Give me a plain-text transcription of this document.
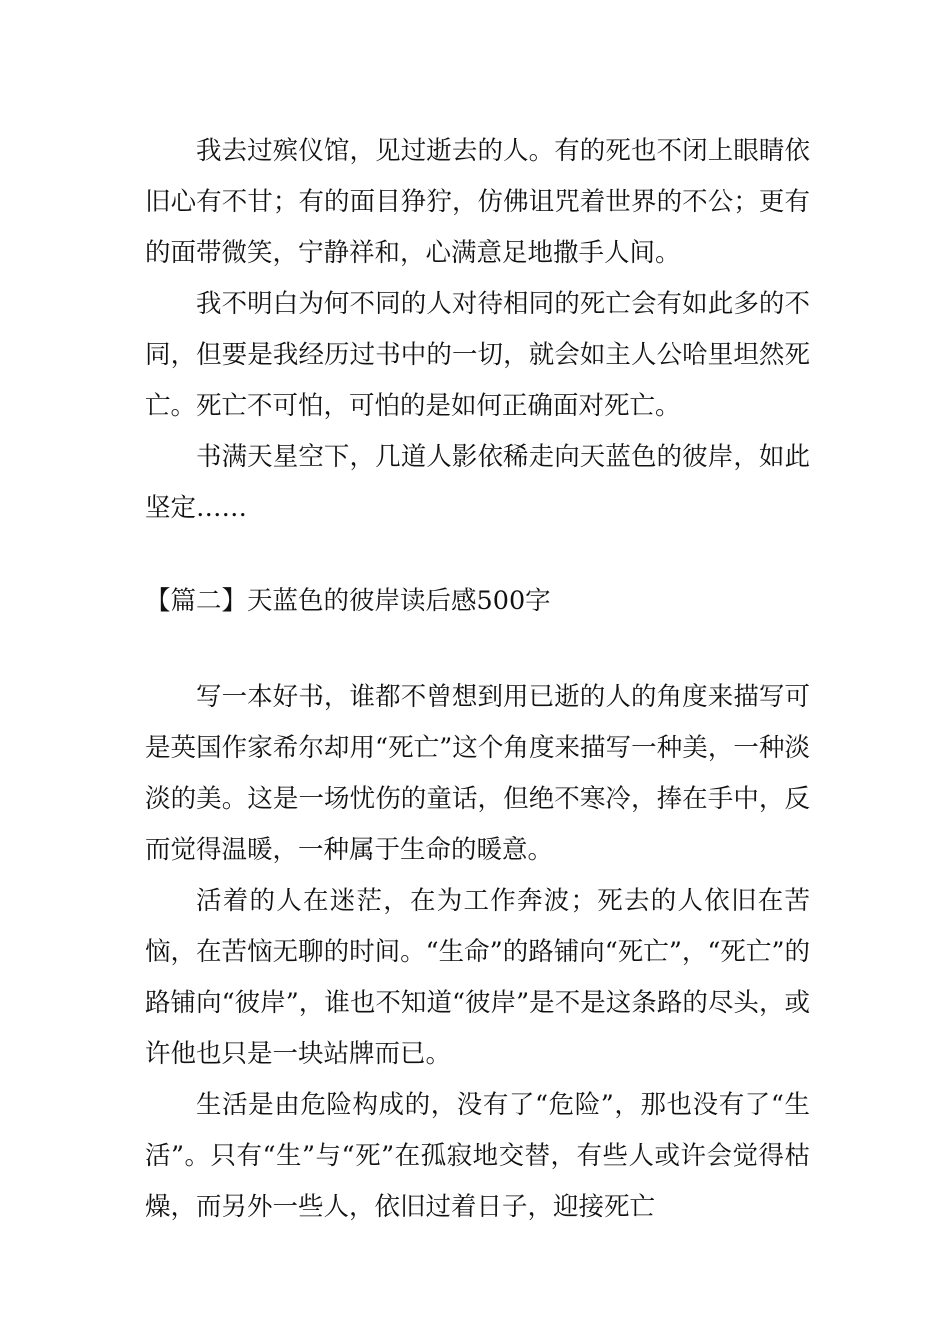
我去过殡仪馆，见过逝去的人。有的死也不闭上眼睛依旧心有不甘；有的面目狰狞，仿佛诅咒着世界的不公；更有的面带微笑，宁静祥和，心满意足地撒手人间。

我不明白为何不同的人对待相同的死亡会有如此多的不同，但要是我经历过书中的一切，就会如主人公哈里坦然死亡。死亡不可怕，可怕的是如何正确面对死亡。

书满天星空下，几道人影依稀走向天蓝色的彼岸，如此坚定……

【篇二】天蓝色的彼岸读后感500字

写一本好书，谁都不曾想到用已逝的人的角度来描写可是英国作家希尔却用“死亡”这个角度来描写一种美，一种淡淡的美。这是一场忧伤的童话，但绝不寒冷，捧在手中，反而觉得温暖，一种属于生命的暖意。

活着的人在迷茫，在为工作奔波；死去的人依旧在苦恼，在苦恼无聊的时间。“生命”的路铺向“死亡”，“死亡”的路铺向“彼岸”，谁也不知道“彼岸”是不是这条路的尽头，或许他也只是一块站牌而已。

生活是由危险构成的，没有了“危险”，那也没有了“生活”。只有“生”与“死”在孤寂地交替，有些人或许会觉得枯燥，而另外一些人，依旧过着日子，迎接死亡
